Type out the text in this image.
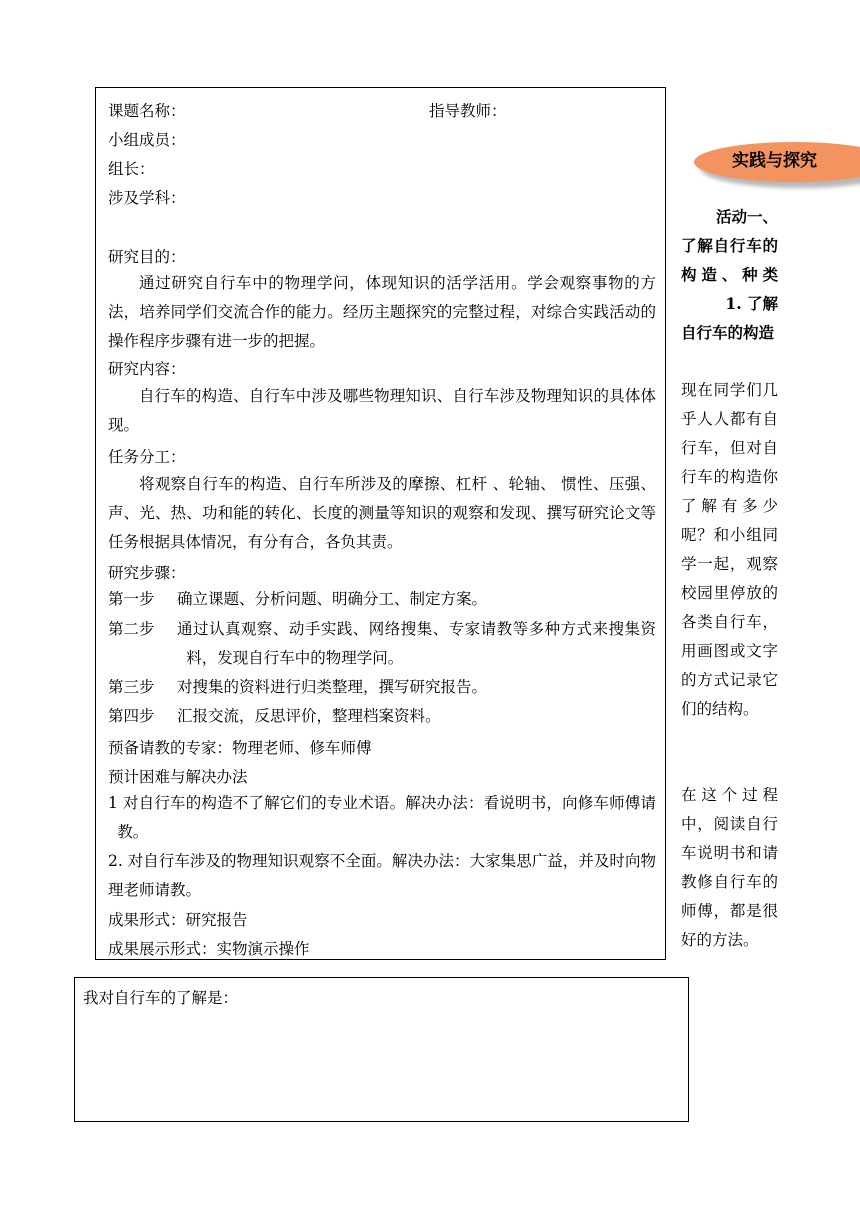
课题名称：	指导教师：
小组成员：
组长：
涉及学科：
研究目的：
通过研究自行车中的物理学问，体现知识的活学活用。学会观察事物的方法，培养同学们交流合作的能力。经历主题探究的完整过程，对综合实践活动的操作程序步骤有进一步的把握。
研究内容：
自行车的构造、自行车中涉及哪些物理知识、自行车涉及物理知识的具体体现。
任务分工：
将观察自行车的构造、自行车所涉及的摩擦、杠杆 、轮轴、 惯性、压强、声、光、热、功和能的转化、长度的测量等知识的观察和发现、撰写研究论文等任务根据具体情况，有分有合，各负其责。
研究步骤：
第一步 确立课题、分析问题、明确分工、制定方案。
第二步 通过认真观察、动手实践、网络搜集、专家请教等多种方式来搜集资料，发现自行车中的物理学问。
第三步 对搜集的资料进行归类整理，撰写研究报告。
第四步 汇报交流，反思评价，整理档案资料。
预备请教的专家：物理老师、修车师傅
预计困难与解决办法
1 对自行车的构造不了解它们的专业术语。解决办法：看说明书，向修车师傅请教。
2. 对自行车涉及的物理知识观察不全面。解决办法：大家集思广益，并及时向物理老师请教。
成果形式：研究报告
成果展示形式：实物演示操作
我对自行车的了解是：
实践与探究
活动一、
了解自行车的构造、种类
1. 了解
自行车的构造
现在同学们几乎人人都有自行车，但对自行车的构造你了解有多少呢？和小组同学一起，观察校园里停放的各类自行车，用画图或文字的方式记录它们的结构。
在这个过程中，阅读自行车说明书和请教修自行车的师傅，都是很好的方法。
